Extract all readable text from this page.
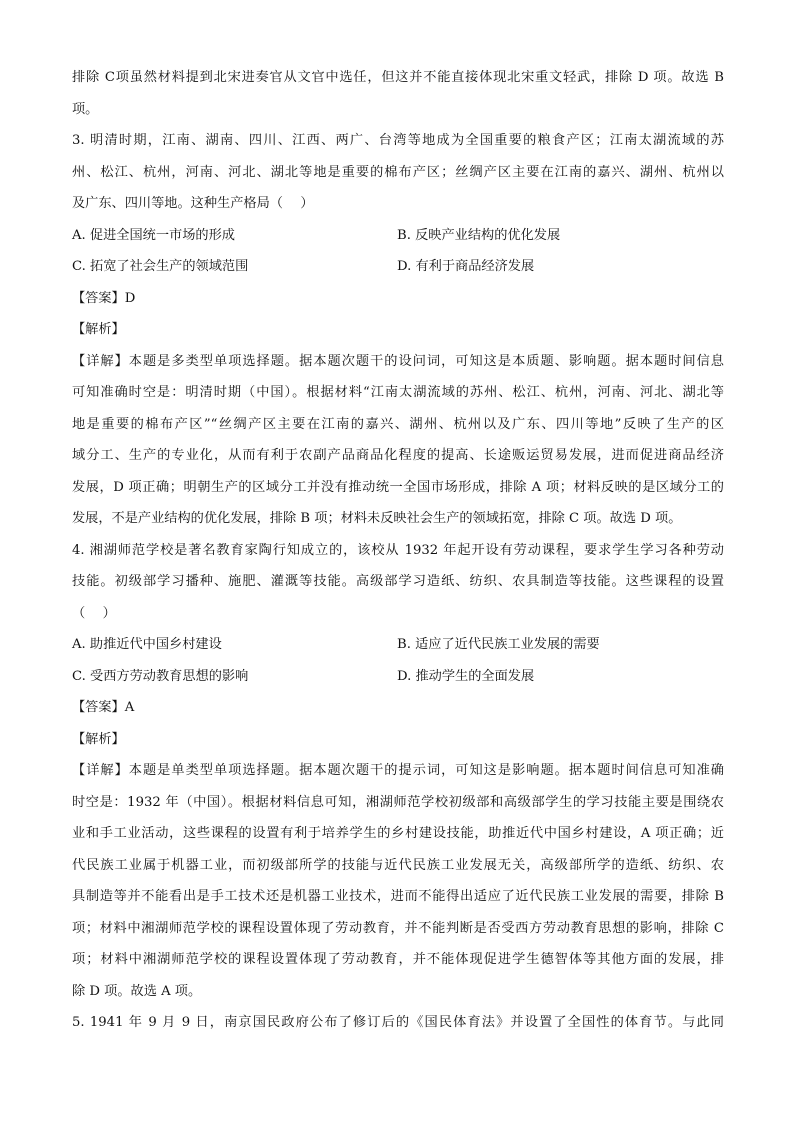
排除 C项虽然材料提到北宋进奏官从文官中选任，但这并不能直接体现北宋重文轻武，排除 D 项。故选 B
项。
3. 明清时期，江南、湖南、四川、江西、两广、台湾等地成为全国重要的粮食产区；江南太湖流域的苏
州、松江、杭州，河南、河北、湖北等地是重要的棉布产区；丝绸产区主要在江南的嘉兴、湖州、杭州以
及广东、四川等地。这种生产格局（　 ）
A. 促进全国统一市场的形成	B. 反映产业结构的优化发展
C. 拓宽了社会生产的领域范围	D. 有利于商品经济发展
【答案】D
【解析】
【详解】本题是多类型单项选择题。据本题次题干的设问词，可知这是本质题、影响题。据本题时间信息
可知准确时空是：明清时期（中国）。根据材料“江南太湖流域的苏州、松江、杭州，河南、河北、湖北等
地是重要的棉布产区”“丝绸产区主要在江南的嘉兴、湖州、杭州以及广东、四川等地”反映了生产的区
域分工、生产的专业化，从而有利于农副产品商品化程度的提高、长途贩运贸易发展，进而促进商品经济
发展，D 项正确；明朝生产的区域分工并没有推动统一全国市场形成，排除 A 项；材料反映的是区域分工的
发展，不是产业结构的优化发展，排除 B 项；材料未反映社会生产的领域拓宽，排除 C 项。故选 D 项。
4. 湘湖师范学校是著名教育家陶行知成立的，该校从 1932 年起开设有劳动课程，要求学生学习各种劳动
技能。初级部学习播种、施肥、灌溉等技能。高级部学习造纸、纺织、农具制造等技能。这些课程的设置
（　 ）
A. 助推近代中国乡村建设	B. 适应了近代民族工业发展的需要
C. 受西方劳动教育思想的影响	D. 推动学生的全面发展
【答案】A
【解析】
【详解】本题是单类型单项选择题。据本题次题干的提示词，可知这是影响题。据本题时间信息可知准确
时空是：1932 年（中国）。根据材料信息可知，湘湖师范学校初级部和高级部学生的学习技能主要是围绕农
业和手工业活动，这些课程的设置有利于培养学生的乡村建设技能，助推近代中国乡村建设，A 项正确；近
代民族工业属于机器工业，而初级部所学的技能与近代民族工业发展无关，高级部所学的造纸、纺织、农
具制造等并不能看出是手工技术还是机器工业技术，进而不能得出适应了近代民族工业发展的需要，排除 B
项；材料中湘湖师范学校的课程设置体现了劳动教育，并不能判断是否受西方劳动教育思想的影响，排除 C
项；材料中湘湖师范学校的课程设置体现了劳动教育，并不能体现促进学生德智体等其他方面的发展，排
除 D 项。故选 A 项。
5. 1941 年 9 月 9 日，南京国民政府公布了修订后的《国民体育法》并设置了全国性的体育节。与此同
